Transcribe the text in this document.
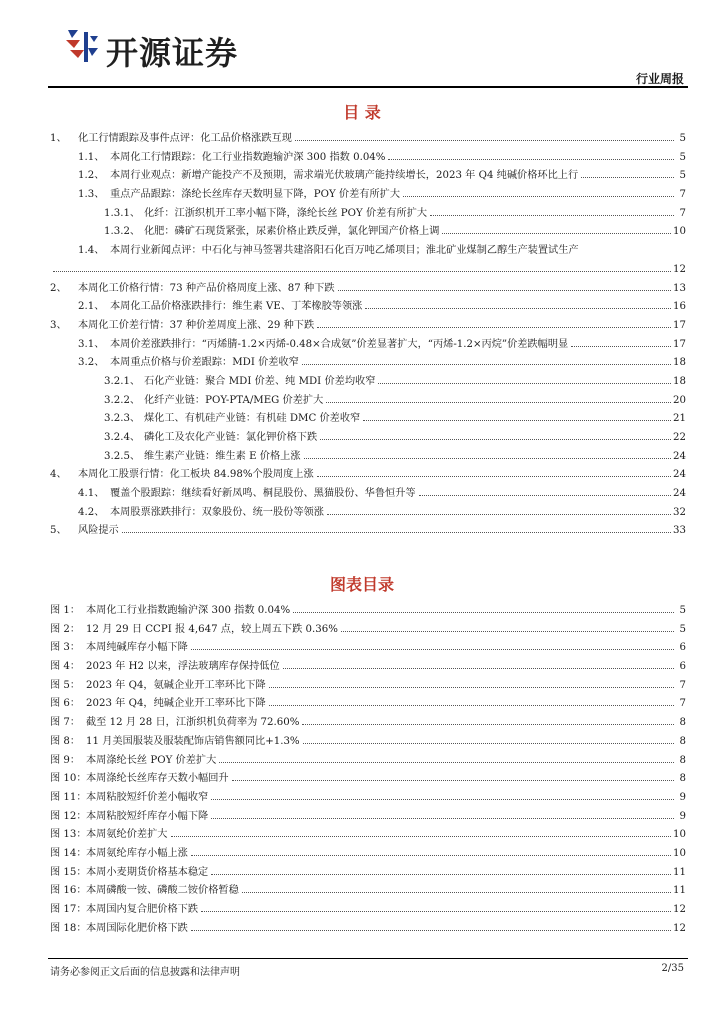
开源证券
行业周报
目 录
1、	化工行情跟踪及事件点评：化工品价格涨跌互现	5
1.1、 本周化工行情跟踪：化工行业指数跑输沪深 300 指数 0.04%	5
1.2、 本周行业观点：新增产能投产不及预期，需求端光伏玻璃产能持续增长，2023 年 Q4 纯碱价格环比上行	5
1.3、 重点产品跟踪：涤纶长丝库存天数明显下降，POY 价差有所扩大	7
1.3.1、 化纤：江浙织机开工率小幅下降，涤纶长丝 POY 价差有所扩大	7
1.3.2、 化肥：磷矿石现货紧张，尿素价格止跌反弹，氯化钾国产价格上调	10
1.4、 本周行业新闻点评：中石化与神马签署共建洛阳石化百万吨乙烯项目；淮北矿业煤制乙醇生产装置试生产
12
2、	本周化工价格行情：73 种产品价格周度上涨、87 种下跌	13
2.1、 本周化工品价格涨跌排行：维生素 VE、丁苯橡胶等领涨	16
3、	本周化工价差行情：37 种价差周度上涨、29 种下跌	17
3.1、 本周价差涨跌排行：“丙烯腈-1.2×丙烯-0.48×合成氨”价差显著扩大，“丙烯-1.2×丙烷”价差跌幅明显	17
3.2、 本周重点价格与价差跟踪：MDI 价差收窄	18
3.2.1、 石化产业链：聚合 MDI 价差、纯 MDI 价差均收窄	18
3.2.2、 化纤产业链：POY-PTA/MEG 价差扩大	20
3.2.3、 煤化工、有机硅产业链：有机硅 DMC 价差收窄	21
3.2.4、 磷化工及农化产业链：氯化钾价格下跌	22
3.2.5、 维生素产业链：维生素 E 价格上涨	24
4、	本周化工股票行情：化工板块 84.98%个股周度上涨	24
4.1、 覆盖个股跟踪：继续看好新凤鸣、桐昆股份、黑猫股份、华鲁恒升等	24
4.2、 本周股票涨跌排行：双象股份、统一股份等领涨	32
5、	风险提示	33
图表目录
图 1： 本周化工行业指数跑输沪深 300 指数 0.04%	5
图 2： 12 月 29 日 CCPI 报 4,647 点，较上周五下跌 0.36%	5
图 3： 本周纯碱库存小幅下降	6
图 4： 2023 年 H2 以来，浮法玻璃库存保持低位	6
图 5： 2023 年 Q4，氨碱企业开工率环比下降	7
图 6： 2023 年 Q4，纯碱企业开工率环比下降	7
图 7： 截至 12 月 28 日，江浙织机负荷率为 72.60%	8
图 8： 11 月美国服装及服装配饰店销售额同比+1.3%	8
图 9： 本周涤纶长丝 POY 价差扩大	8
图 10： 本周涤纶长丝库存天数小幅回升	8
图 11： 本周粘胶短纤价差小幅收窄	9
图 12： 本周粘胶短纤库存小幅下降	9
图 13： 本周氨纶价差扩大	10
图 14： 本周氨纶库存小幅上涨	10
图 15： 本周小麦期货价格基本稳定	11
图 16： 本周磷酸一铵、磷酸二铵价格暂稳	11
图 17： 本周国内复合肥价格下跌	12
图 18： 本周国际化肥价格下跌	12
请务必参阅正文后面的信息披露和法律声明	2/35
